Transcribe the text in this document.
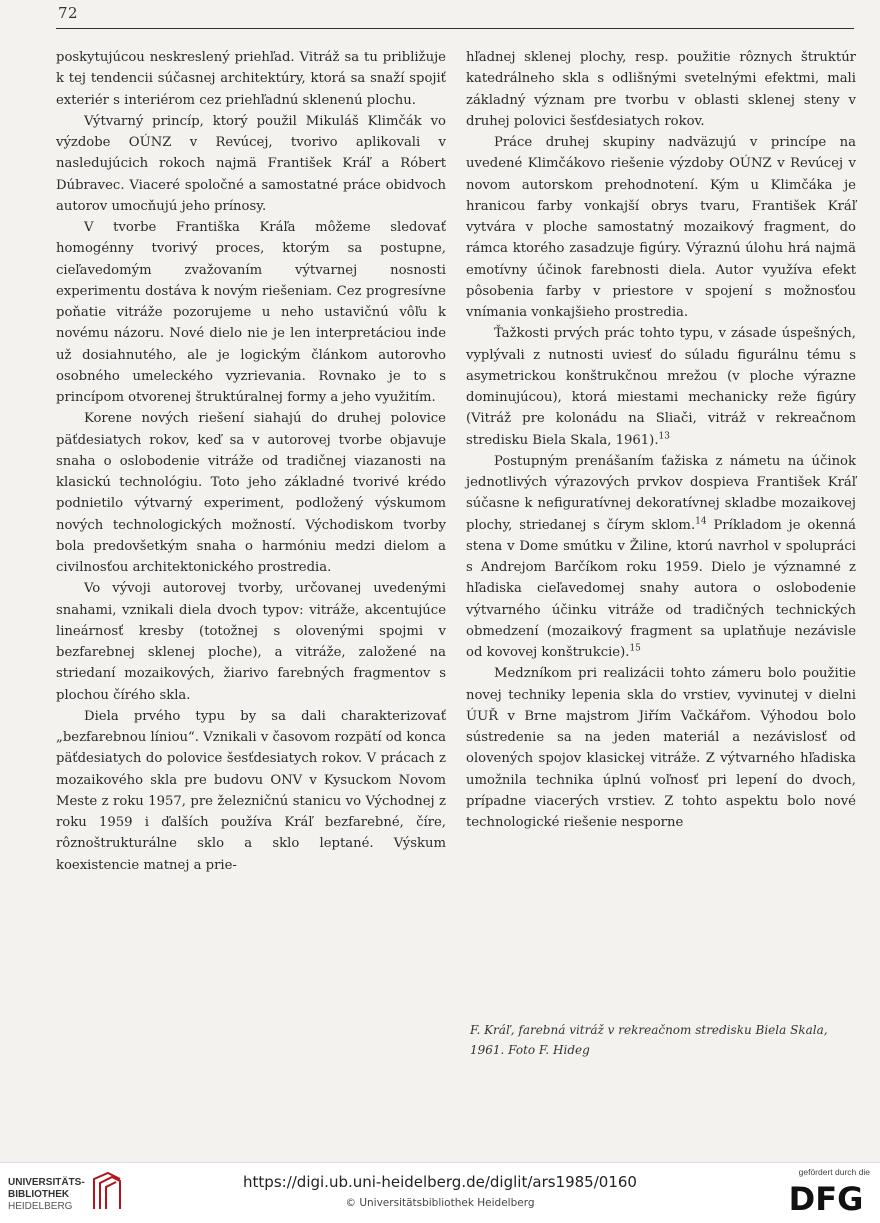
72

poskytujúcou neskreslený priehľad. Vitráž sa tu približuje k tej tendencii súčasnej architektúry, ktorá sa snaží spojiť exteriér s interiérom cez priehľadnú sklenenú plochu.

Výtvarný princíp, ktorý použil Mikuláš Klimčák vo výzdobe OÚNZ v Revúcej, tvorivo aplikovali v nasledujúcich rokoch najmä František Kráľ a Róbert Dúbravec. Viaceré spoločné a samostatné práce obidvoch autorov umocňujú jeho prínosy.

V tvorbe Františka Kráľa môžeme sledovať homogénny tvorivý proces, ktorým sa postupne, cieľavedomým zvažovaním výtvarnej nosnosti experimentu dostáva k novým riešeniam. Cez progresívne poňatie vitráže pozorujeme u neho ustavičnú vôľu k novému názoru. Nové dielo nie je len interpretáciou inde už dosiahnutého, ale je logickým článkom autorovho osobného umeleckého vyzrievania. Rovnako je to s princípom otvorenej štruktúralnej formy a jeho využitím.

Korene nových riešení siahajú do druhej polovice päťdesiatych rokov, keď sa v autorovej tvorbe objavuje snaha o oslobodenie vitráže od tradičnej viazanosti na klasickú technológiu. Toto jeho základné tvorivé krédo podnietilo výtvarný experiment, podložený výskumom nových technologických možností. Východiskom tvorby bola predovšetkým snaha o harmóniu medzi dielom a civilnosťou architektonického prostredia.

Vo vývoji autorovej tvorby, určovanej uvedenými snahami, vznikali diela dvoch typov: vitráže, akcentujúce lineárnosť kresby (totožnej s olovenými spojmi v bezfarebnej sklenej ploche), a vitráže, založené na striedaní mozaikových, žiarivo farebných fragmentov s plochou čírého skla.

Diela prvého typu by sa dali charakterizovať „bezfarebnou líniou“. Vznikali v časovom rozpätí od konca päťdesiatych do polovice šesťdesiatych rokov. V prácach z mozaikového skla pre budovu ONV v Kysuckom Novom Meste z roku 1957, pre železničnú stanicu vo Východnej z roku 1959 i ďalších používa Kráľ bezfarebné, číre, rôznoštrukturálne sklo a sklo leptané. Výskum koexistencie matnej a prie-

hľadnej sklenej plochy, resp. použitie rôznych štruktúr katedrálneho skla s odlišnými svetelnými efektmi, mali základný význam pre tvorbu v oblasti sklenej steny v druhej polovici šesťdesiatych rokov.

Práce druhej skupiny nadväzujú v princípe na uvedené Klimčákovo riešenie výzdoby OÚNZ v Revúcej v novom autorskom prehodnotení. Kým u Klimčáka je hranicou farby vonkajší obrys tvaru, František Kráľ vytvára v ploche samostatný mozaikový fragment, do rámca ktorého zasadzuje figúry. Výraznú úlohu hrá najmä emotívny účinok farebnosti diela. Autor využíva efekt pôsobenia farby v priestore v spojení s možnosťou vnímania vonkajšieho prostredia.

Ťažkosti prvých prác tohto typu, v zásade úspešných, vyplývali z nutnosti uviesť do súladu figurálnu tému s asymetrickou konštrukčnou mrežou (v ploche výrazne dominujúcou), ktorá miestami mechanicky reže figúry (Vitráž pre kolonádu na Sliači, vitráž v rekreačnom stredisku Biela Skala, 1961).$^{13}$

Postupným prenášaním ťažiska z námetu na účinok jednotlivých výrazových prvkov dospieva František Kráľ súčasne k nefiguratívnej dekoratívnej skladbe mozaikovej plochy, striedanej s čírym sklom.$^{14}$ Príkladom je okenná stena v Dome smútku v Žiline, ktorú navrhol v spolupráci s Andrejom Barčíkom roku 1959. Dielo je významné z hľadiska cieľavedomej snahy autora o oslobodenie výtvarného účinku vitráže od tradičných technických obmedzení (mozaikový fragment sa uplatňuje nezávisle od kovovej konštrukcie).$^{15}$

Medzníkom pri realizácii tohto zámeru bolo použitie novej techniky lepenia skla do vrstiev, vyvinutej v dielni ÚUŘ v Brne majstrom Jiřím Vačkářom. Výhodou bolo sústredenie sa na jeden materiál a nezávislosť od olovených spojov klasickej vitráže. Z výtvarného hľadiska umožnila technika úplnú voľnosť pri lepení do dvoch, prípadne viacerých vrstiev. Z tohto aspektu bolo nové technologické riešenie nesporne

F. Kráľ, farebná vitráž v rekreačnom stredisku Biela Skala, 1961. Foto F. Hideg
UNIVERSITÄTS-
BIBLIOTHEK
HEIDELBERG
https://digi.ub.uni-heidelberg.de/diglit/ars1985/0160
© Universitätsbibliothek Heidelberg
gefördert durch die
DFG
